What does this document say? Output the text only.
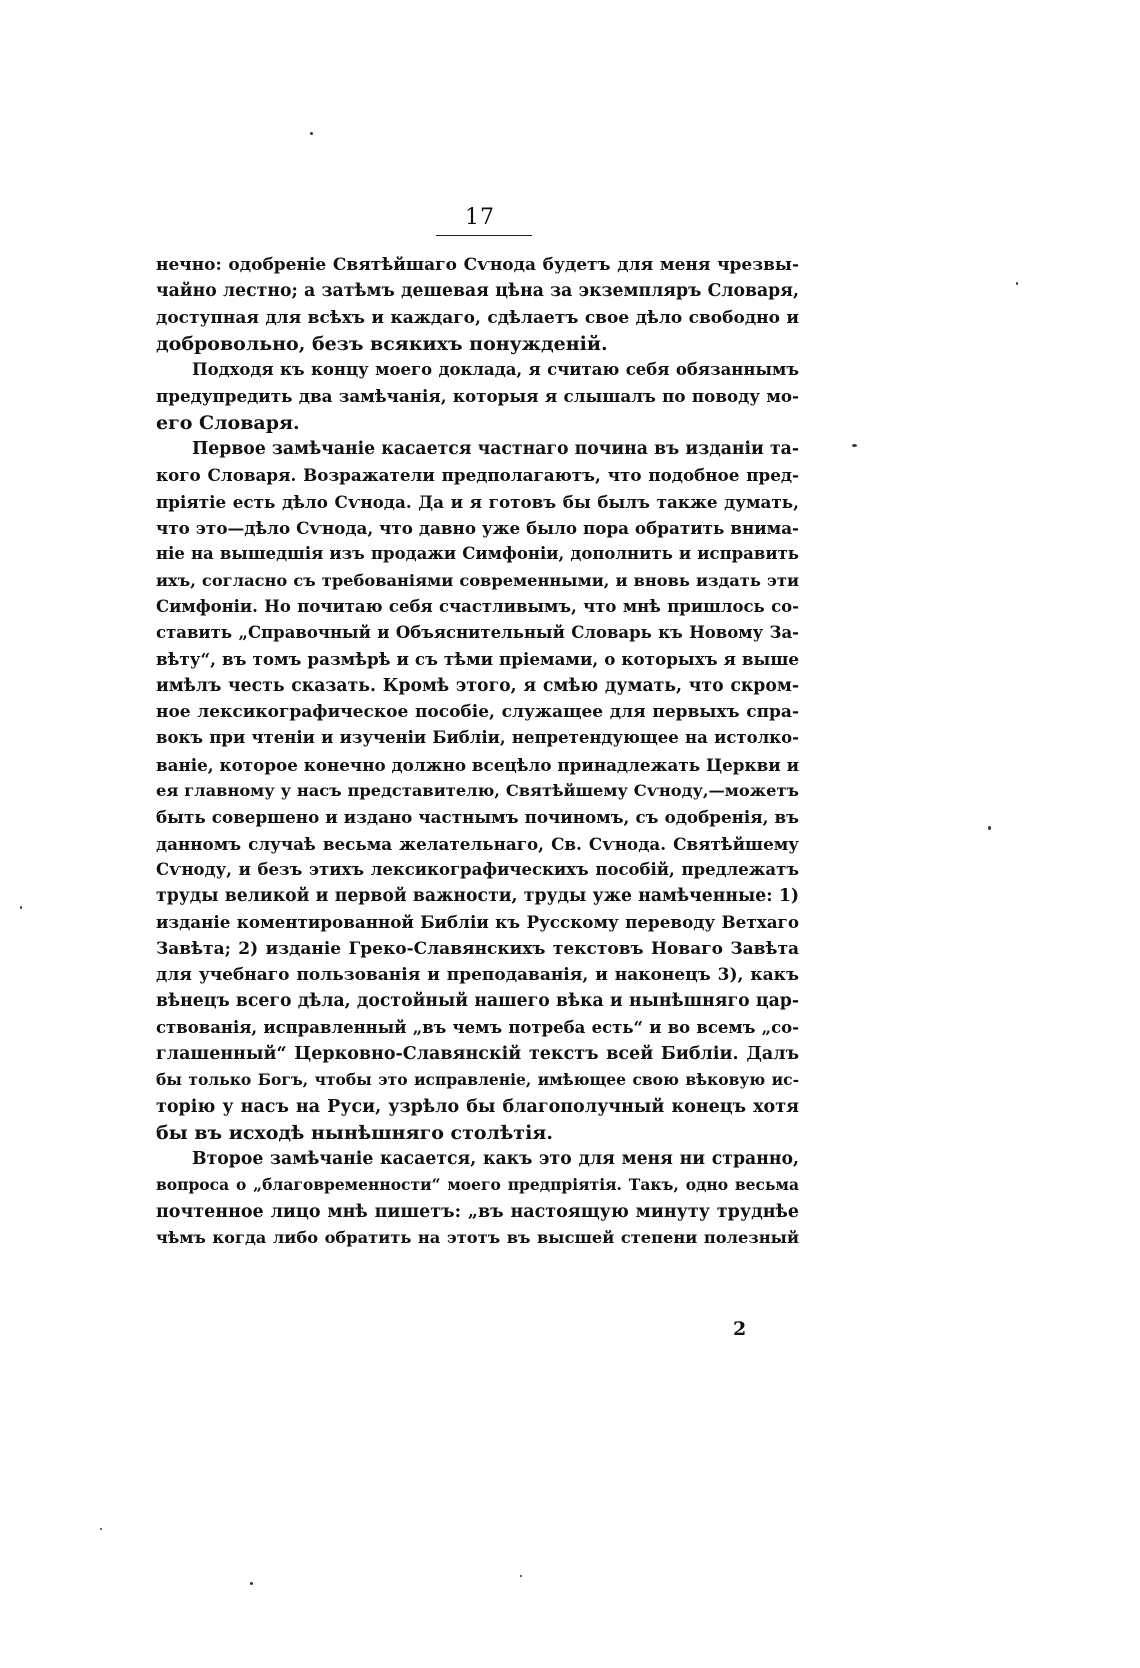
17
нечно: одобреніе Святѣйшаго Сѵнода будетъ для меня чрезвы-
чайно лестно; а затѣмъ дешевая цѣна за экземпляръ Словаря,
доступная для всѣхъ и каждаго, сдѣлаетъ свое дѣло свободно и
добровольно, безъ всякихъ понужденій.
Подходя къ концу моего доклада, я считаю себя обязаннымъ
предупредить два замѣчанія, которыя я слышалъ по поводу мо-
его Словаря.
Первое замѣчаніе касается частнаго почина въ изданіи та-
кого Словаря. Возражатели предполагаютъ, что подобное пред-
пріятіе есть дѣло Сѵнода. Да и я готовъ бы былъ также думать,
что это—дѣло Сѵнода, что давно уже было пора обратить внима-
ніе на вышедшія изъ продажи Симфоніи, дополнить и исправить
ихъ, согласно съ требованіями современными, и вновь издать эти
Симфоніи. Но почитаю себя счастливымъ, что мнѣ пришлось со-
ставить „Справочный и Объяснительный Словарь къ Новому За-
вѣту“, въ томъ размѣрѣ и съ тѣми пріемами, о которыхъ я выше
имѣлъ честь сказать. Кромѣ этого, я смѣю думать, что скром-
ное лексикографическое пособіе, служащее для первыхъ спра-
вокъ при чтеніи и изученіи Библіи, непретендующее на истолко-
ваніе, которое конечно должно всецѣло принадлежать Церкви и
ея главному у насъ представителю, Святѣйшему Сѵноду,—можетъ
быть совершено и издано частнымъ починомъ, съ одобренія, въ
данномъ случаѣ весьма желательнаго, Св. Сѵнода. Святѣйшему
Сѵноду, и безъ этихъ лексикографическихъ пособій, предлежатъ
труды великой и первой важности, труды уже намѣченные: 1)
изданіе коментированной Библіи къ Русскому переводу Ветхаго
Завѣта; 2) изданіе Греко-Славянскихъ текстовъ Новаго Завѣта
для учебнаго пользованія и преподаванія, и наконецъ 3), какъ
вѣнецъ всего дѣла, достойный нашего вѣка и нынѣшняго цар-
ствованія, исправленный „въ чемъ потреба есть“ и во всемъ „со-
глашенный“ Церковно-Славянскій текстъ всей Библіи. Далъ
бы только Богъ, чтобы это исправленіе, имѣющее свою вѣковую ис-
торію у насъ на Руси, узрѣло бы благополучный конецъ хотя
бы въ исходѣ нынѣшняго столѣтія.
Второе замѣчаніе касается, какъ это для меня ни странно,
вопроса о „благовременности“ моего предпріятія. Такъ, одно весьма
почтенное лицо мнѣ пишетъ: „въ настоящую минуту труднѣе
чѣмъ когда либо обратить на этотъ въ высшей степени полезный
2
